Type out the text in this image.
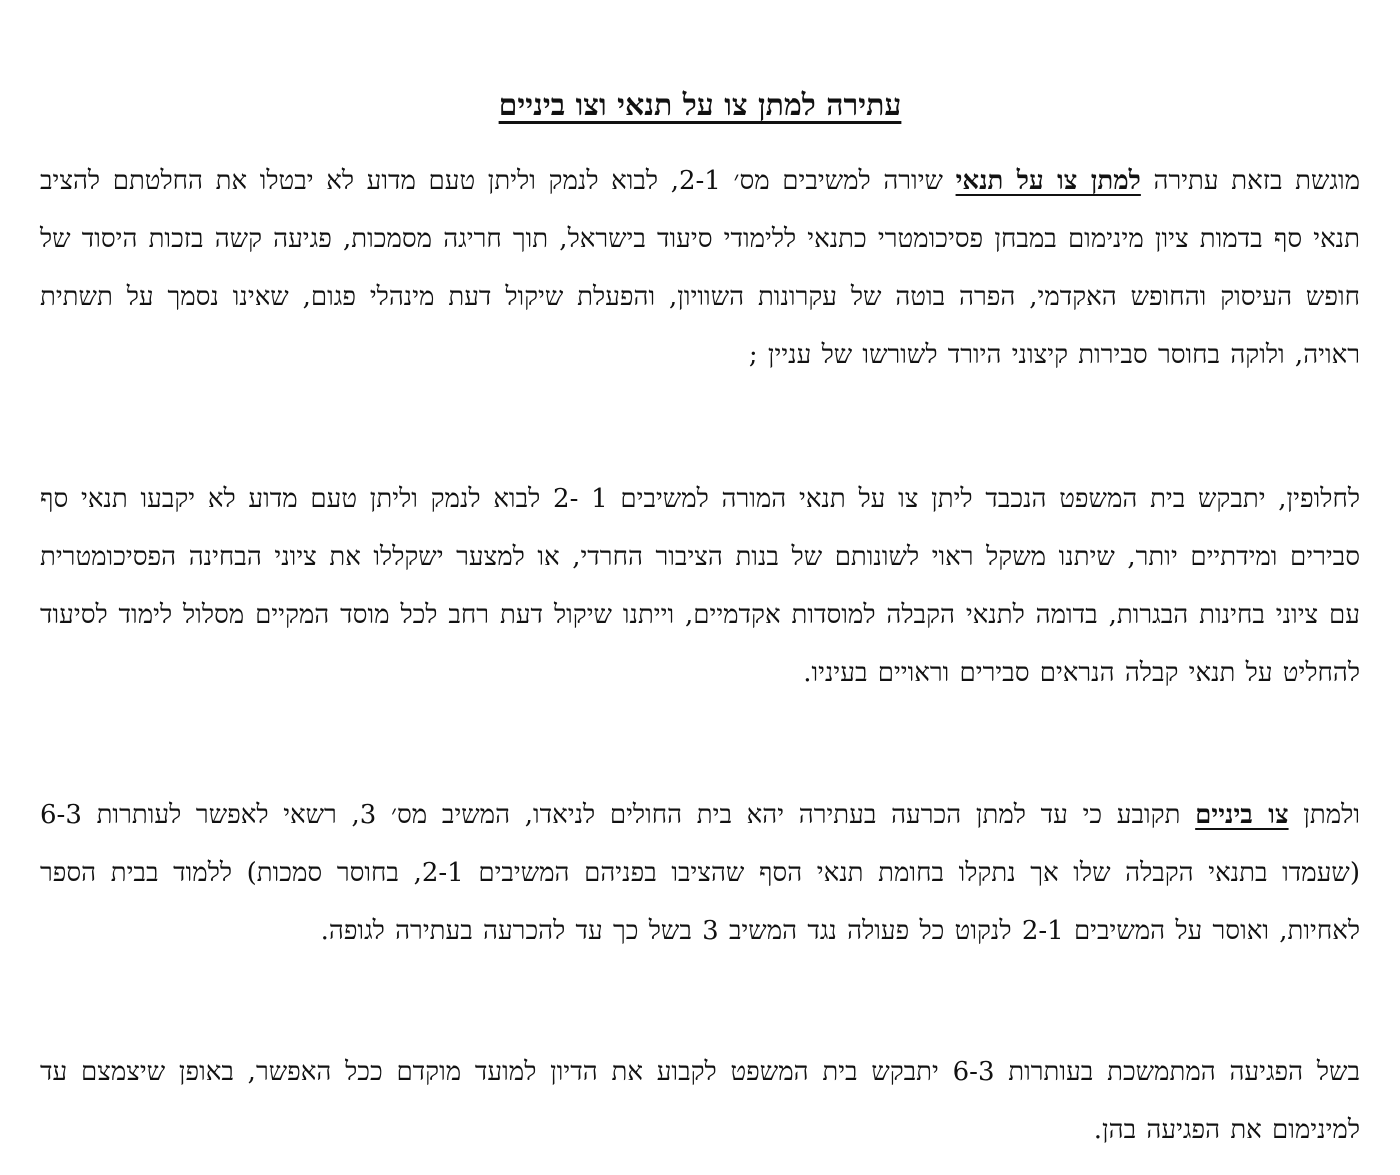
עתירה למתן צו על תנאי וצו ביניים

מוגשת בזאת עתירה למתן צו על תנאי שיורה למשיבים מס׳ 2-1, לבוא לנמק וליתן טעם מדוע לא יבטלו את החלטתם להציב תנאי סף בדמות ציון מינימום במבחן פסיכומטרי כתנאי ללימודי סיעוד בישראל, תוך חריגה מסמכות, פגיעה קשה בזכות היסוד של חופש העיסוק והחופש האקדמי, הפרה בוטה של עקרונות השוויון, והפעלת שיקול דעת מינהלי פגום, שאינו נסמך על תשתית ראויה, ולוקה בחוסר סבירות קיצוני היורד לשורשו של עניין ;

לחלופין, יתבקש בית המשפט הנכבד ליתן צו על תנאי המורה למשיבים 1 -2 לבוא לנמק וליתן טעם מדוע לא יקבעו תנאי סף סבירים ומידתיים יותר, שיתנו משקל ראוי לשונותם של בנות הציבור החרדי, או למצער ישקללו את ציוני הבחינה הפסיכומטרית עם ציוני בחינות הבגרות, בדומה לתנאי הקבלה למוסדות אקדמיים, וייתנו שיקול דעת רחב לכל מוסד המקיים מסלול לימוד לסיעוד להחליט על תנאי קבלה הנראים סבירים וראויים בעיניו.

ולמתן צו ביניים תקובע כי עד למתן הכרעה בעתירה יהא בית החולים לניאדו, המשיב מס׳ 3, רשאי לאפשר לעותרות 6-3 (שעמדו בתנאי הקבלה שלו אך נתקלו בחומת תנאי הסף שהציבו בפניהם המשיבים 2-1, בחוסר סמכות) ללמוד בבית הספר לאחיות, ואוסר על המשיבים 2-1 לנקוט כל פעולה נגד המשיב 3 בשל כך עד להכרעה בעתירה לגופה.

בשל הפגיעה המתמשכת בעותרות 6-3 יתבקש בית המשפט לקבוע את הדיון למועד מוקדם ככל האפשר, באופן שיצמצם עד למינימום את הפגיעה בהן.
